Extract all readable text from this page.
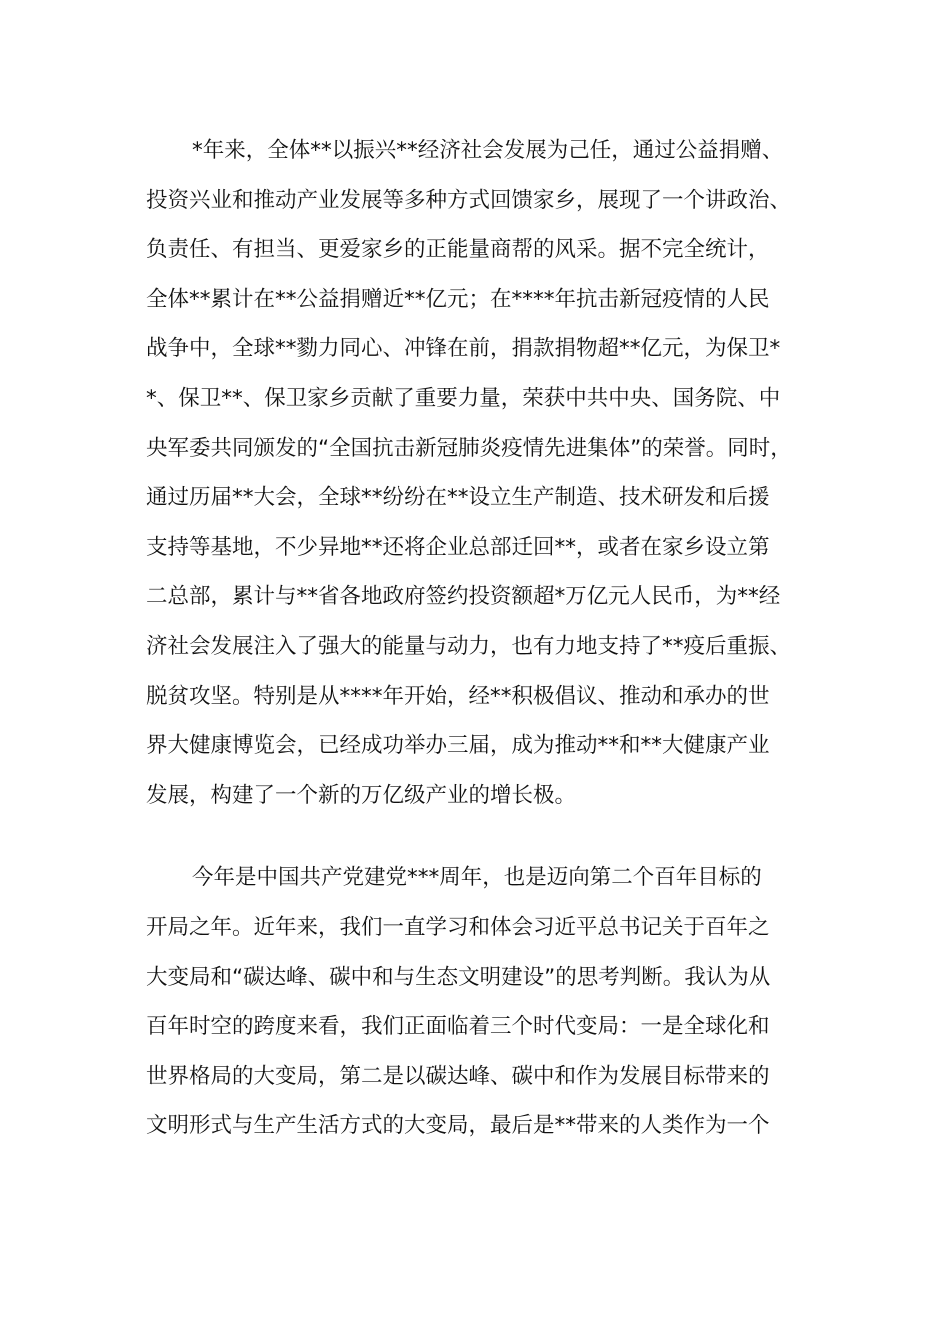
*年来，全体**以振兴**经济社会发展为己任，通过公益捐赠、
投资兴业和推动产业发展等多种方式回馈家乡，展现了一个讲政治、
负责任、有担当、更爱家乡的正能量商帮的风采。据不完全统计，
全体**累计在**公益捐赠近**亿元；在****年抗击新冠疫情的人民
战争中，全球**勠力同心、冲锋在前，捐款捐物超**亿元，为保卫*
*、保卫**、保卫家乡贡献了重要力量，荣获中共中央、国务院、中
央军委共同颁发的“全国抗击新冠肺炎疫情先进集体”的荣誉。同时，
通过历届**大会，全球**纷纷在**设立生产制造、技术研发和后援
支持等基地，不少异地**还将企业总部迁回**，或者在家乡设立第
二总部，累计与**省各地政府签约投资额超*万亿元人民币，为**经
济社会发展注入了强大的能量与动力，也有力地支持了**疫后重振、
脱贫攻坚。特别是从****年开始，经**积极倡议、推动和承办的世
界大健康博览会，已经成功举办三届，成为推动**和**大健康产业
发展，构建了一个新的万亿级产业的增长极。
今年是中国共产党建党***周年，也是迈向第二个百年目标的
开局之年。近年来，我们一直学习和体会习近平总书记关于百年之
大变局和“碳达峰、碳中和与生态文明建设”的思考判断。我认为从
百年时空的跨度来看，我们正面临着三个时代变局：一是全球化和
世界格局的大变局，第二是以碳达峰、碳中和作为发展目标带来的
文明形式与生产生活方式的大变局，最后是**带来的人类作为一个
